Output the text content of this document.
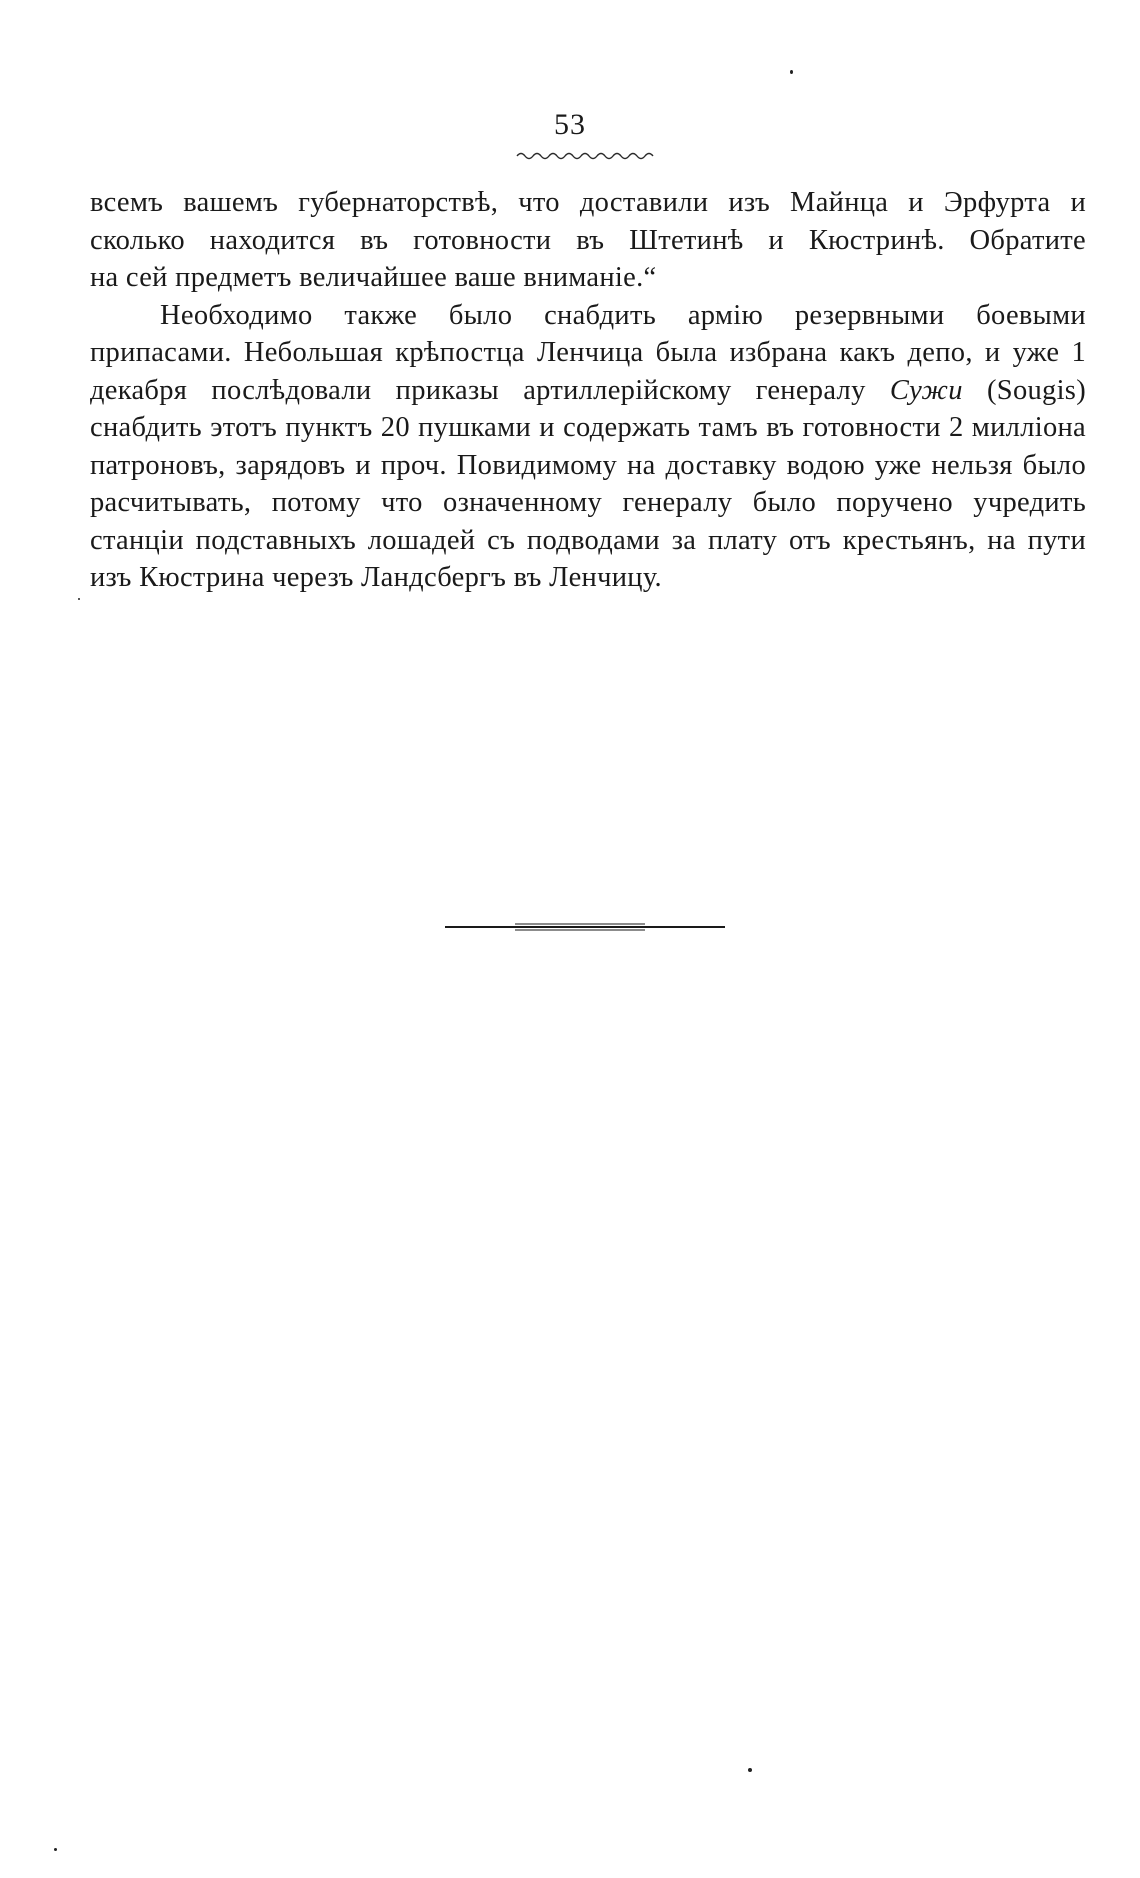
53

всемъ вашемъ губернаторствѣ, что доставили изъ Майнца и Эрфурта и
сколько находится въ готовности въ Штетинѣ и Кюстринѣ. Обратите
на сей предметъ величайшее ваше вниманіе.“

Необходимо также было снабдить армію резервными боевыми припасами. Небольшая крѣпостца Ленчица была избрана какъ депо, и уже 1 декабря послѣдовали приказы артиллерійскому генералу Сужи (Sougis) снабдить этотъ пунктъ 20 пушками и содержать тамъ въ готовности 2 милліона патроновъ, зарядовъ и проч. Повидимому на доставку водою уже нельзя было расчитывать, потому что означенному генералу было поручено учредить станціи подставныхъ лошадей съ подводами за плату отъ крестьянъ, на пути изъ Кюстрина черезъ Ландсбергъ въ Ленчицу.
